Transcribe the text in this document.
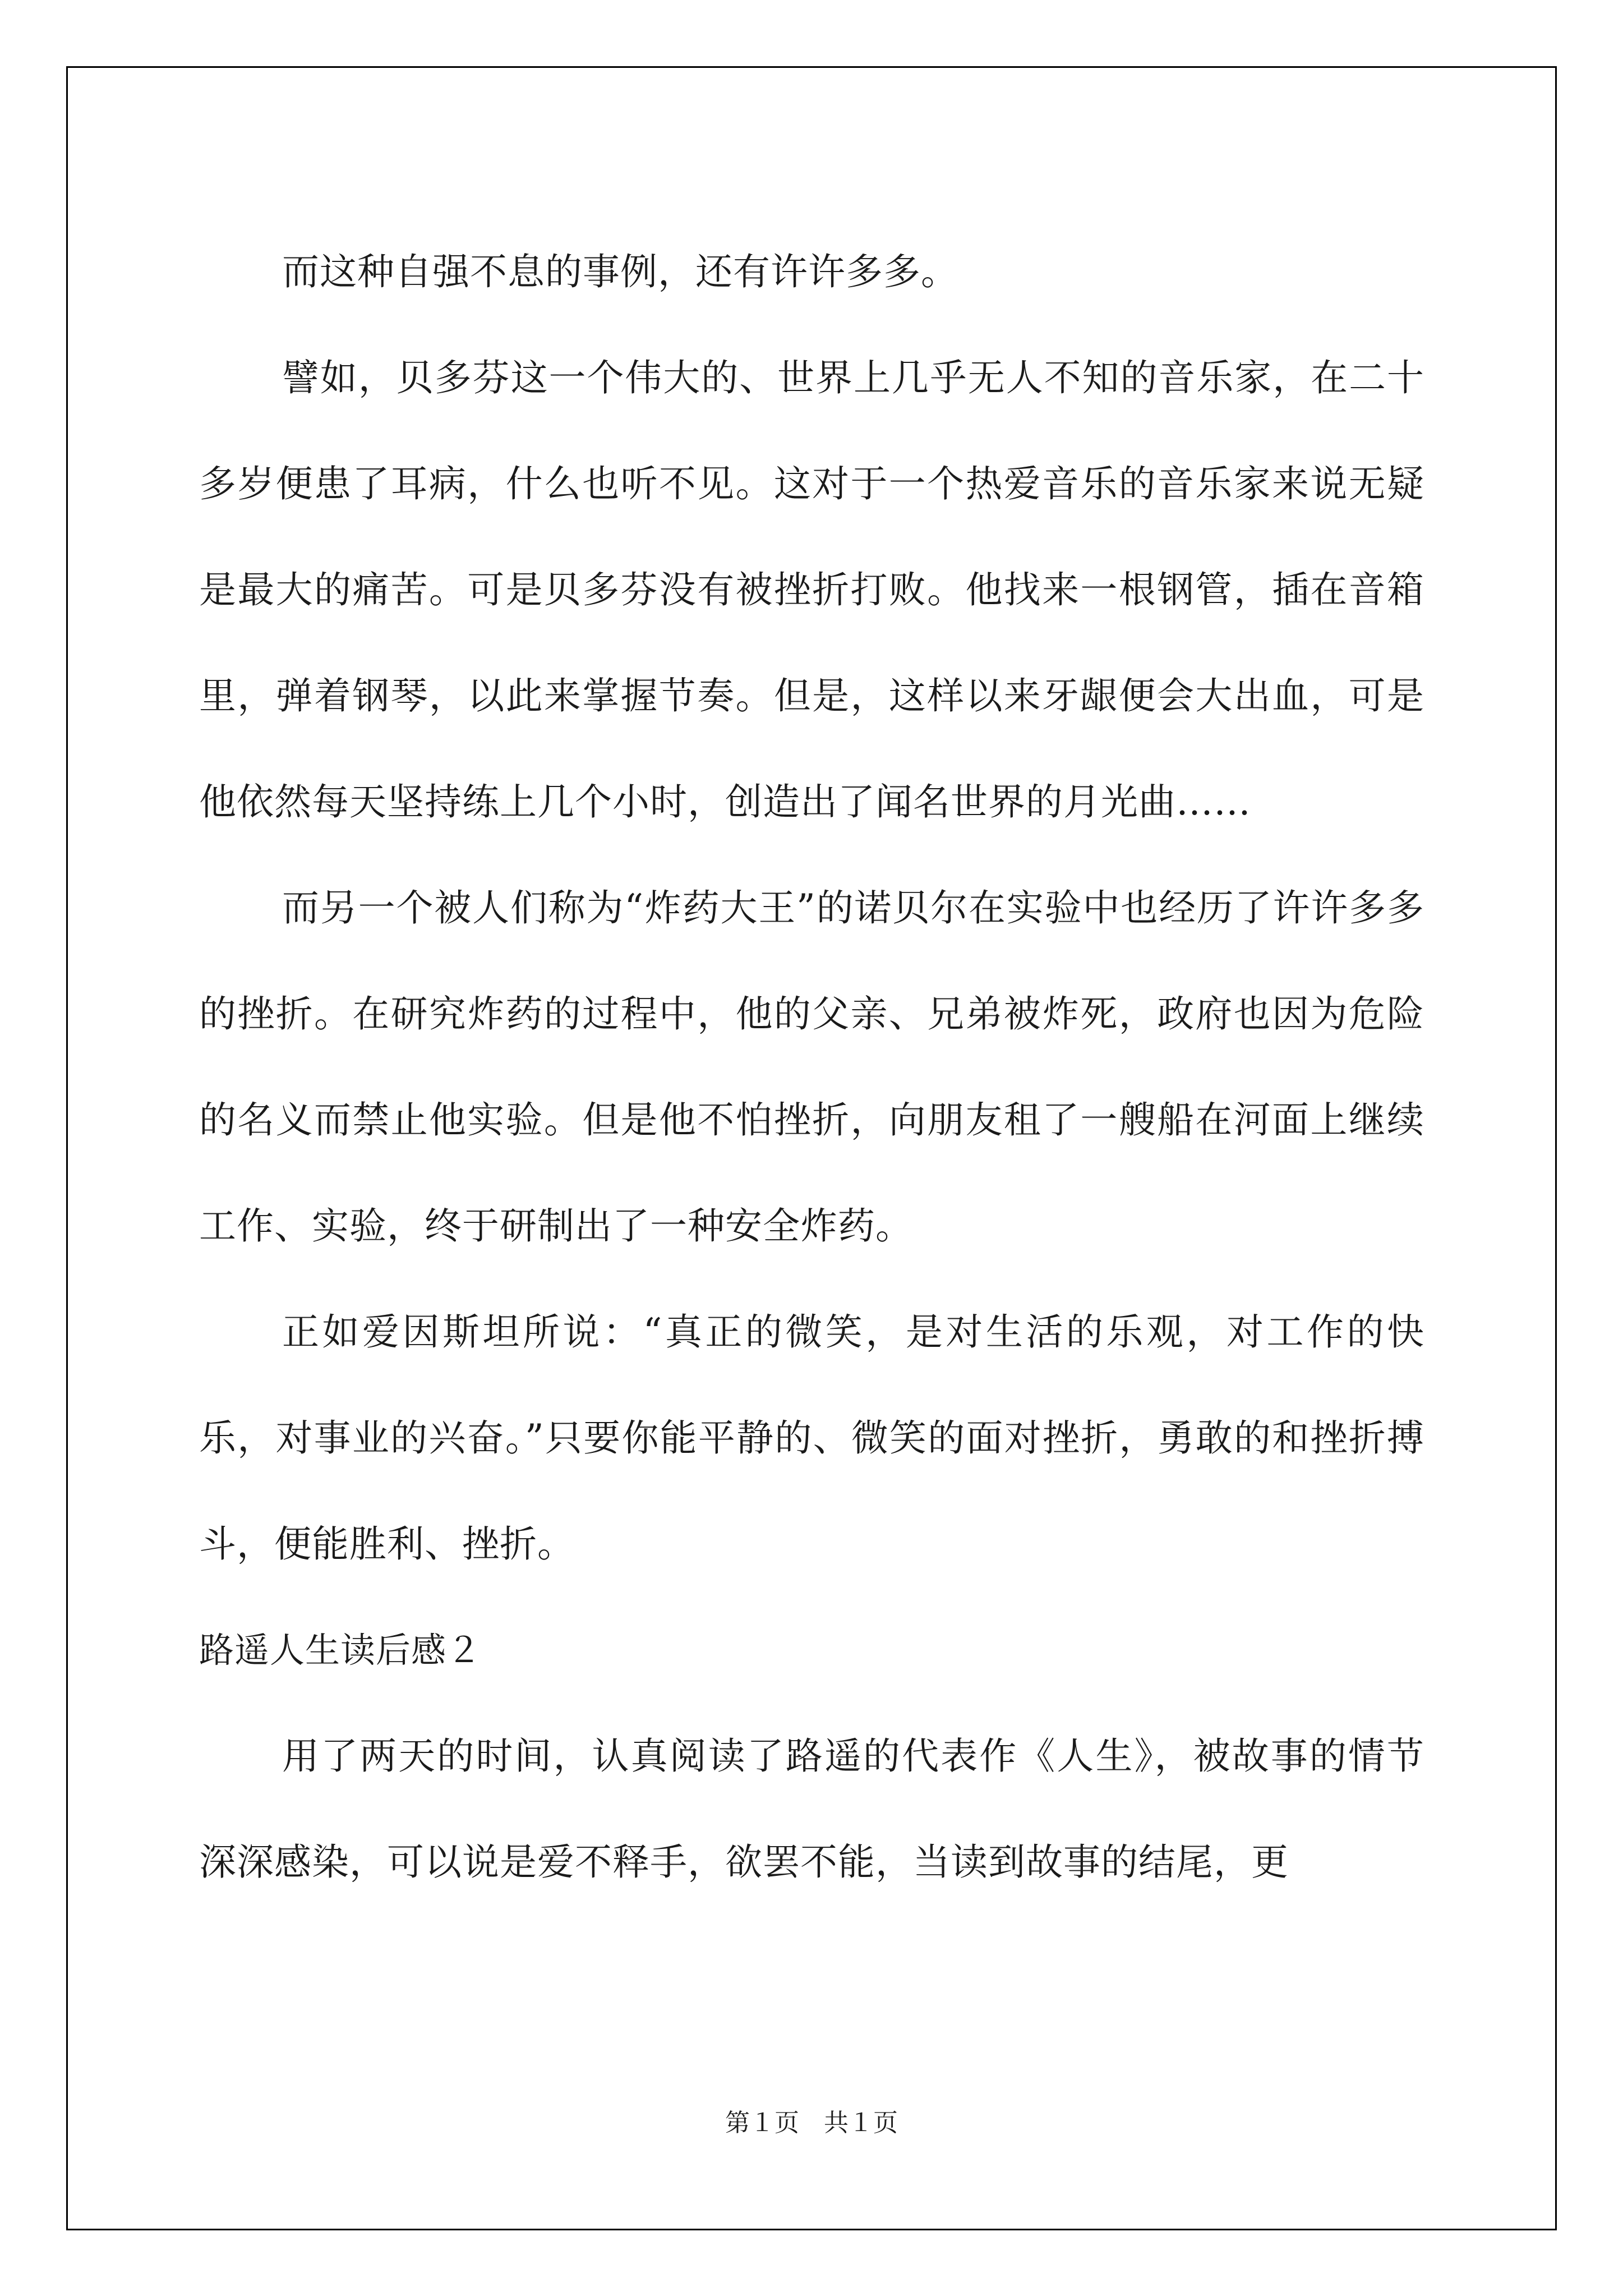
而这种自强不息的事例，还有许许多多。

譬如，贝多芬这一个伟大的、世界上几乎无人不知的音乐家，在二十多岁便患了耳病，什么也听不见。这对于一个热爱音乐的音乐家来说无疑是最大的痛苦。可是贝多芬没有被挫折打败。他找来一根钢管，插在音箱里，弹着钢琴，以此来掌握节奏。但是，这样以来牙龈便会大出血，可是他依然每天坚持练上几个小时，创造出了闻名世界的月光曲……

而另一个被人们称为“炸药大王”的诺贝尔在实验中也经历了许许多多的挫折。在研究炸药的过程中，他的父亲、兄弟被炸死，政府也因为危险的名义而禁止他实验。但是他不怕挫折，向朋友租了一艘船在河面上继续工作、实验，终于研制出了一种安全炸药。

正如爱因斯坦所说：“真正的微笑，是对生活的乐观，对工作的快乐，对事业的兴奋。”只要你能平静的、微笑的面对挫折，勇敢的和挫折搏斗，便能胜利、挫折。

路遥人生读后感２

用了两天的时间，认真阅读了路遥的代表作《人生》，被故事的情节深深感染，可以说是爱不释手，欲罢不能，当读到故事的结尾，更

第１页　共１页
